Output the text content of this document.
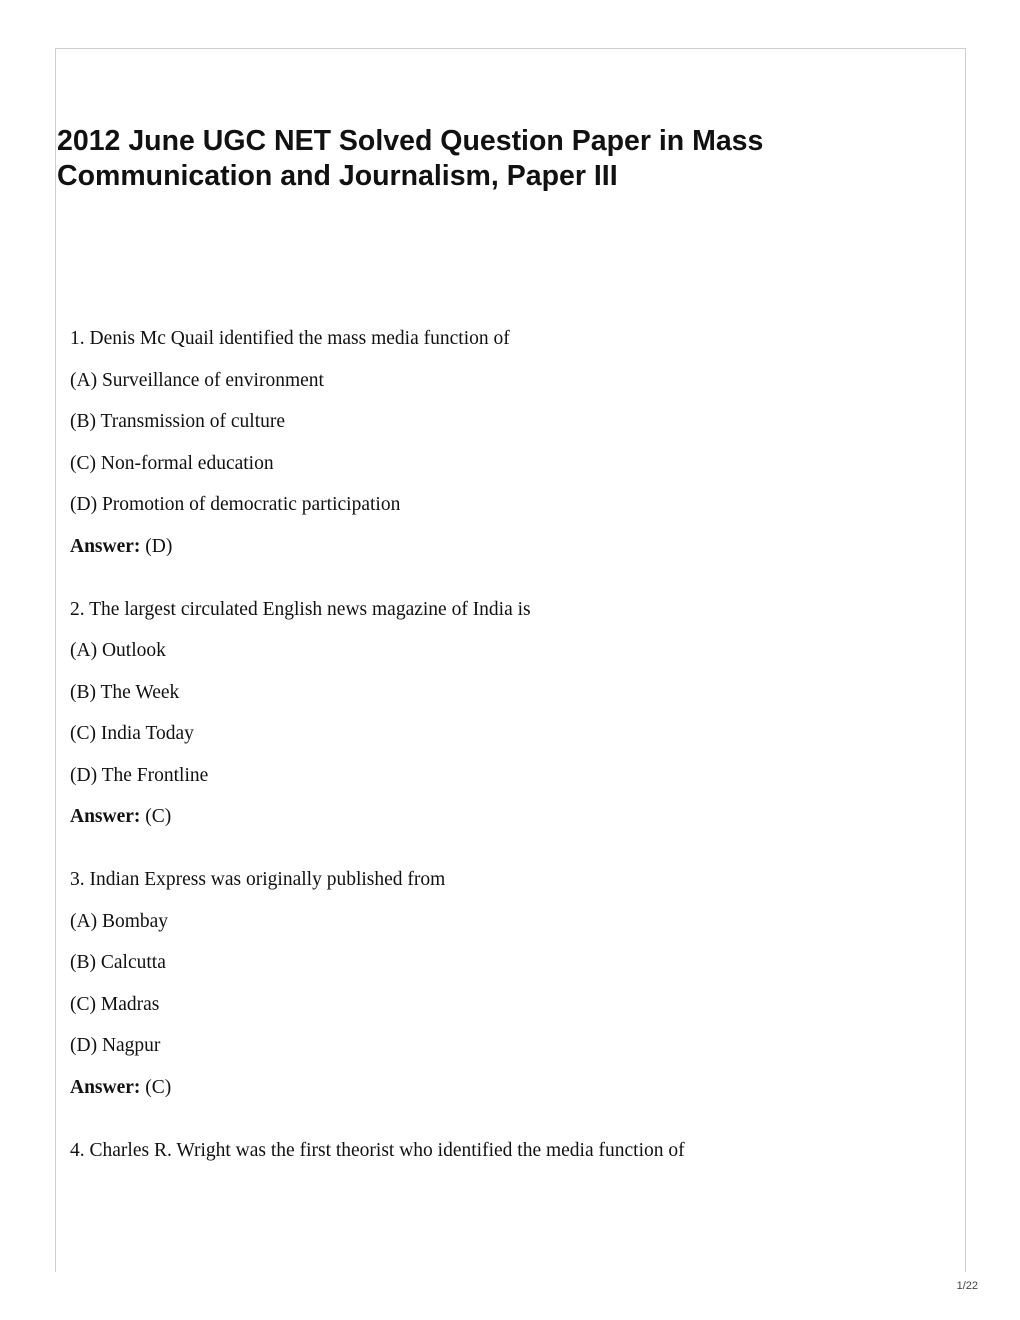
2012 June UGC NET Solved Question Paper in Mass Communication and Journalism, Paper III
1. Denis Mc Quail identified the mass media function of
(A) Surveillance of environment
(B) Transmission of culture
(C) Non-formal education
(D) Promotion of democratic participation
Answer: (D)
2. The largest circulated English news magazine of India is
(A) Outlook
(B) The Week
(C) India Today
(D) The Frontline
Answer: (C)
3. Indian Express was originally published from
(A) Bombay
(B) Calcutta
(C) Madras
(D) Nagpur
Answer: (C)
4. Charles R. Wright was the first theorist who identified the media function of
1/22
